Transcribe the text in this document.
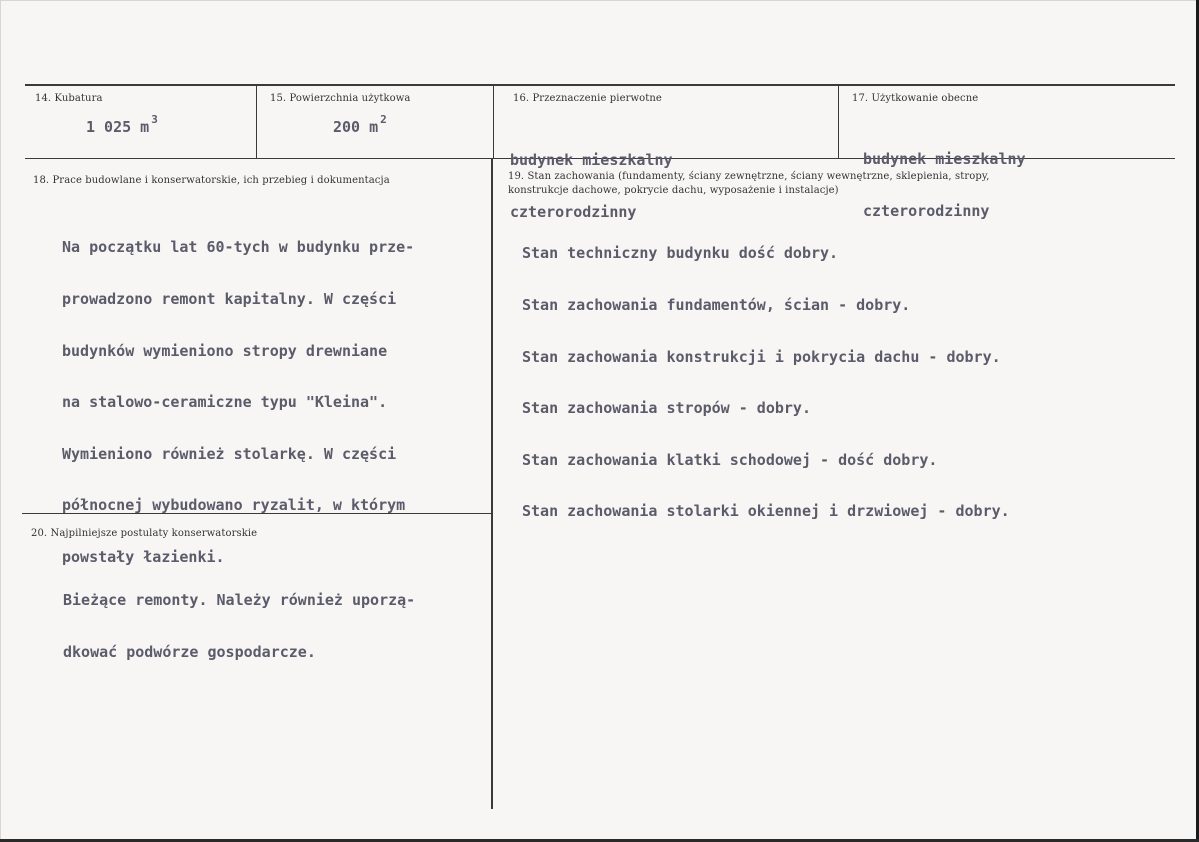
14. Kubatura
1 025 m $^3$
15. Powierzchnia użytkowa
200 m $^2$
16. Przeznaczenie pierwotne

budynek mieszkalny

czterorodzinny

17. Użytkowanie obecne

budynek mieszkalny

czterorodzinny

18. Prace budowlane i konserwatorskie, ich przebieg i dokumentacja

Na początku lat 60-tych w budynku prze-

prowadzono remont kapitalny. W części

budynków wymieniono stropy drewniane

na stalowo-ceramiczne typu "Kleina".

Wymieniono również stolarkę. W części

północnej wybudowano ryzalit, w którym

powstały łazienki.

19. Stan zachowania (fundamenty, ściany zewnętrzne, ściany wewnętrzne, sklepienia, stropy,
konstrukcje dachowe, pokrycie dachu, wyposażenie i instalacje)

Stan techniczny budynku dość dobry.

Stan zachowania fundamentów, ścian - dobry.

Stan zachowania konstrukcji i pokrycia dachu - dobry.

Stan zachowania stropów - dobry.

Stan zachowania klatki schodowej - dość dobry.

Stan zachowania stolarki okiennej i drzwiowej - dobry.

20. Najpilniejsze postulaty konserwatorskie

Bieżące remonty. Należy również uporzą-

dkować podwórze gospodarcze.
